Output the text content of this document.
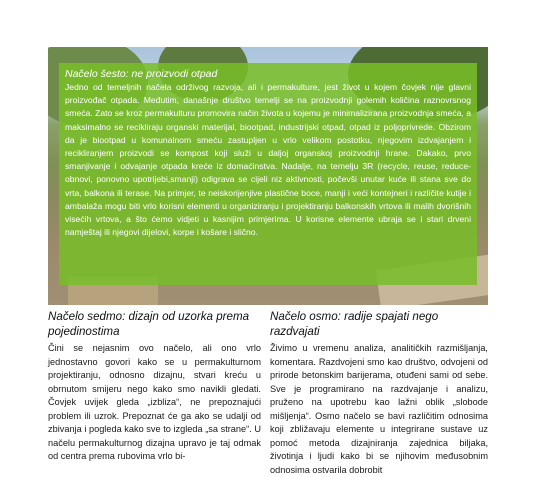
Načelo šesto: ne proizvodi otpad

Jedno od temeljnih načela održivog razvoja, ali i permakulture, jest život u kojem čovjek nije glavni proizvođač otpada. Međutim, današnje društvo temelji se na proizvodnji golemih količina raznovrsnog smeća. Zato se kroz permakulturu promovira način života u kojemu je minimalizirana proizvodnja smeća, a maksimalno se recikliraju organski materijal, biootpad, industrijski otpad, otpad iz poljoprivrede. Obzirom da je biootpad u komunalnom smeću zastupljen u vrlo velikom postotku, njegovim izdvajanjem i recikliranjem proizvodi se kompost koji služi u daljoj organskoj proizvodnji hrane. Dakako, prvo smanjivanje i odvajanje otpada kreće iz domaćinstva. Nadalje, na temelju 3R (recycle, reuse, reduce-obnovi, ponovno upotrijebi,smanji) odigrava se cijeli niz aktivnosti, počevši unutar kuće ili stana sve do vrta, balkona ili terase. Na primjer, te neiskorijenjive plastične boce, manji i veći kontejneri i različite kutije i ambalaža mogu biti vrlo korisni elementi u organiziranju i projektiranju balkonskih vrtova ili malih dvorišnih visećih vrtova, a što ćemo vidjeti u kasnijim primjerima. U korisne elemente ubraja se i stari drveni namještaj ili njegovi dijelovi, korpe i košare i slično.

Načelo sedmo: dizajn od uzorka prema pojedinostima

Čini se nejasnim ovo načelo, ali ono vrlo jednostavno govori kako se u permakulturnom projektiranju, odnosno dizajnu, stvari kreću u obrnutom smijeru nego kako smo navikli gledati. Čovjek uvijek gleda „izbliza“, ne prepoznajući problem ili uzrok. Prepoznat će ga ako se udalji od zbivanja i pogleda kako sve to izgleda „sa strane“. U načelu permakulturnog dizajna upravo je taj odmak od centra prema rubovima vrlo bi-

Načelo osmo: radije spajati nego razdvajati

Živimo u vremenu analiza, analitičkih razmišljanja, komentara. Razdvojeni smo kao društvo, odvojeni od prirode betonskim barijerama, otuđeni sami od sebe. Sve je programirano na razdvajanje i analizu, pruženo na upotrebu kao lažni oblik „slobode mišljenja“. Osmo načelo se bavi različitim odnosima koji zbližavaju elemente u integrirane sustave uz pomoć metoda dizajniranja zajednica biljaka, životinja i ljudi kako bi se njihovim međusobnim odnosima ostvarila dobrobit
